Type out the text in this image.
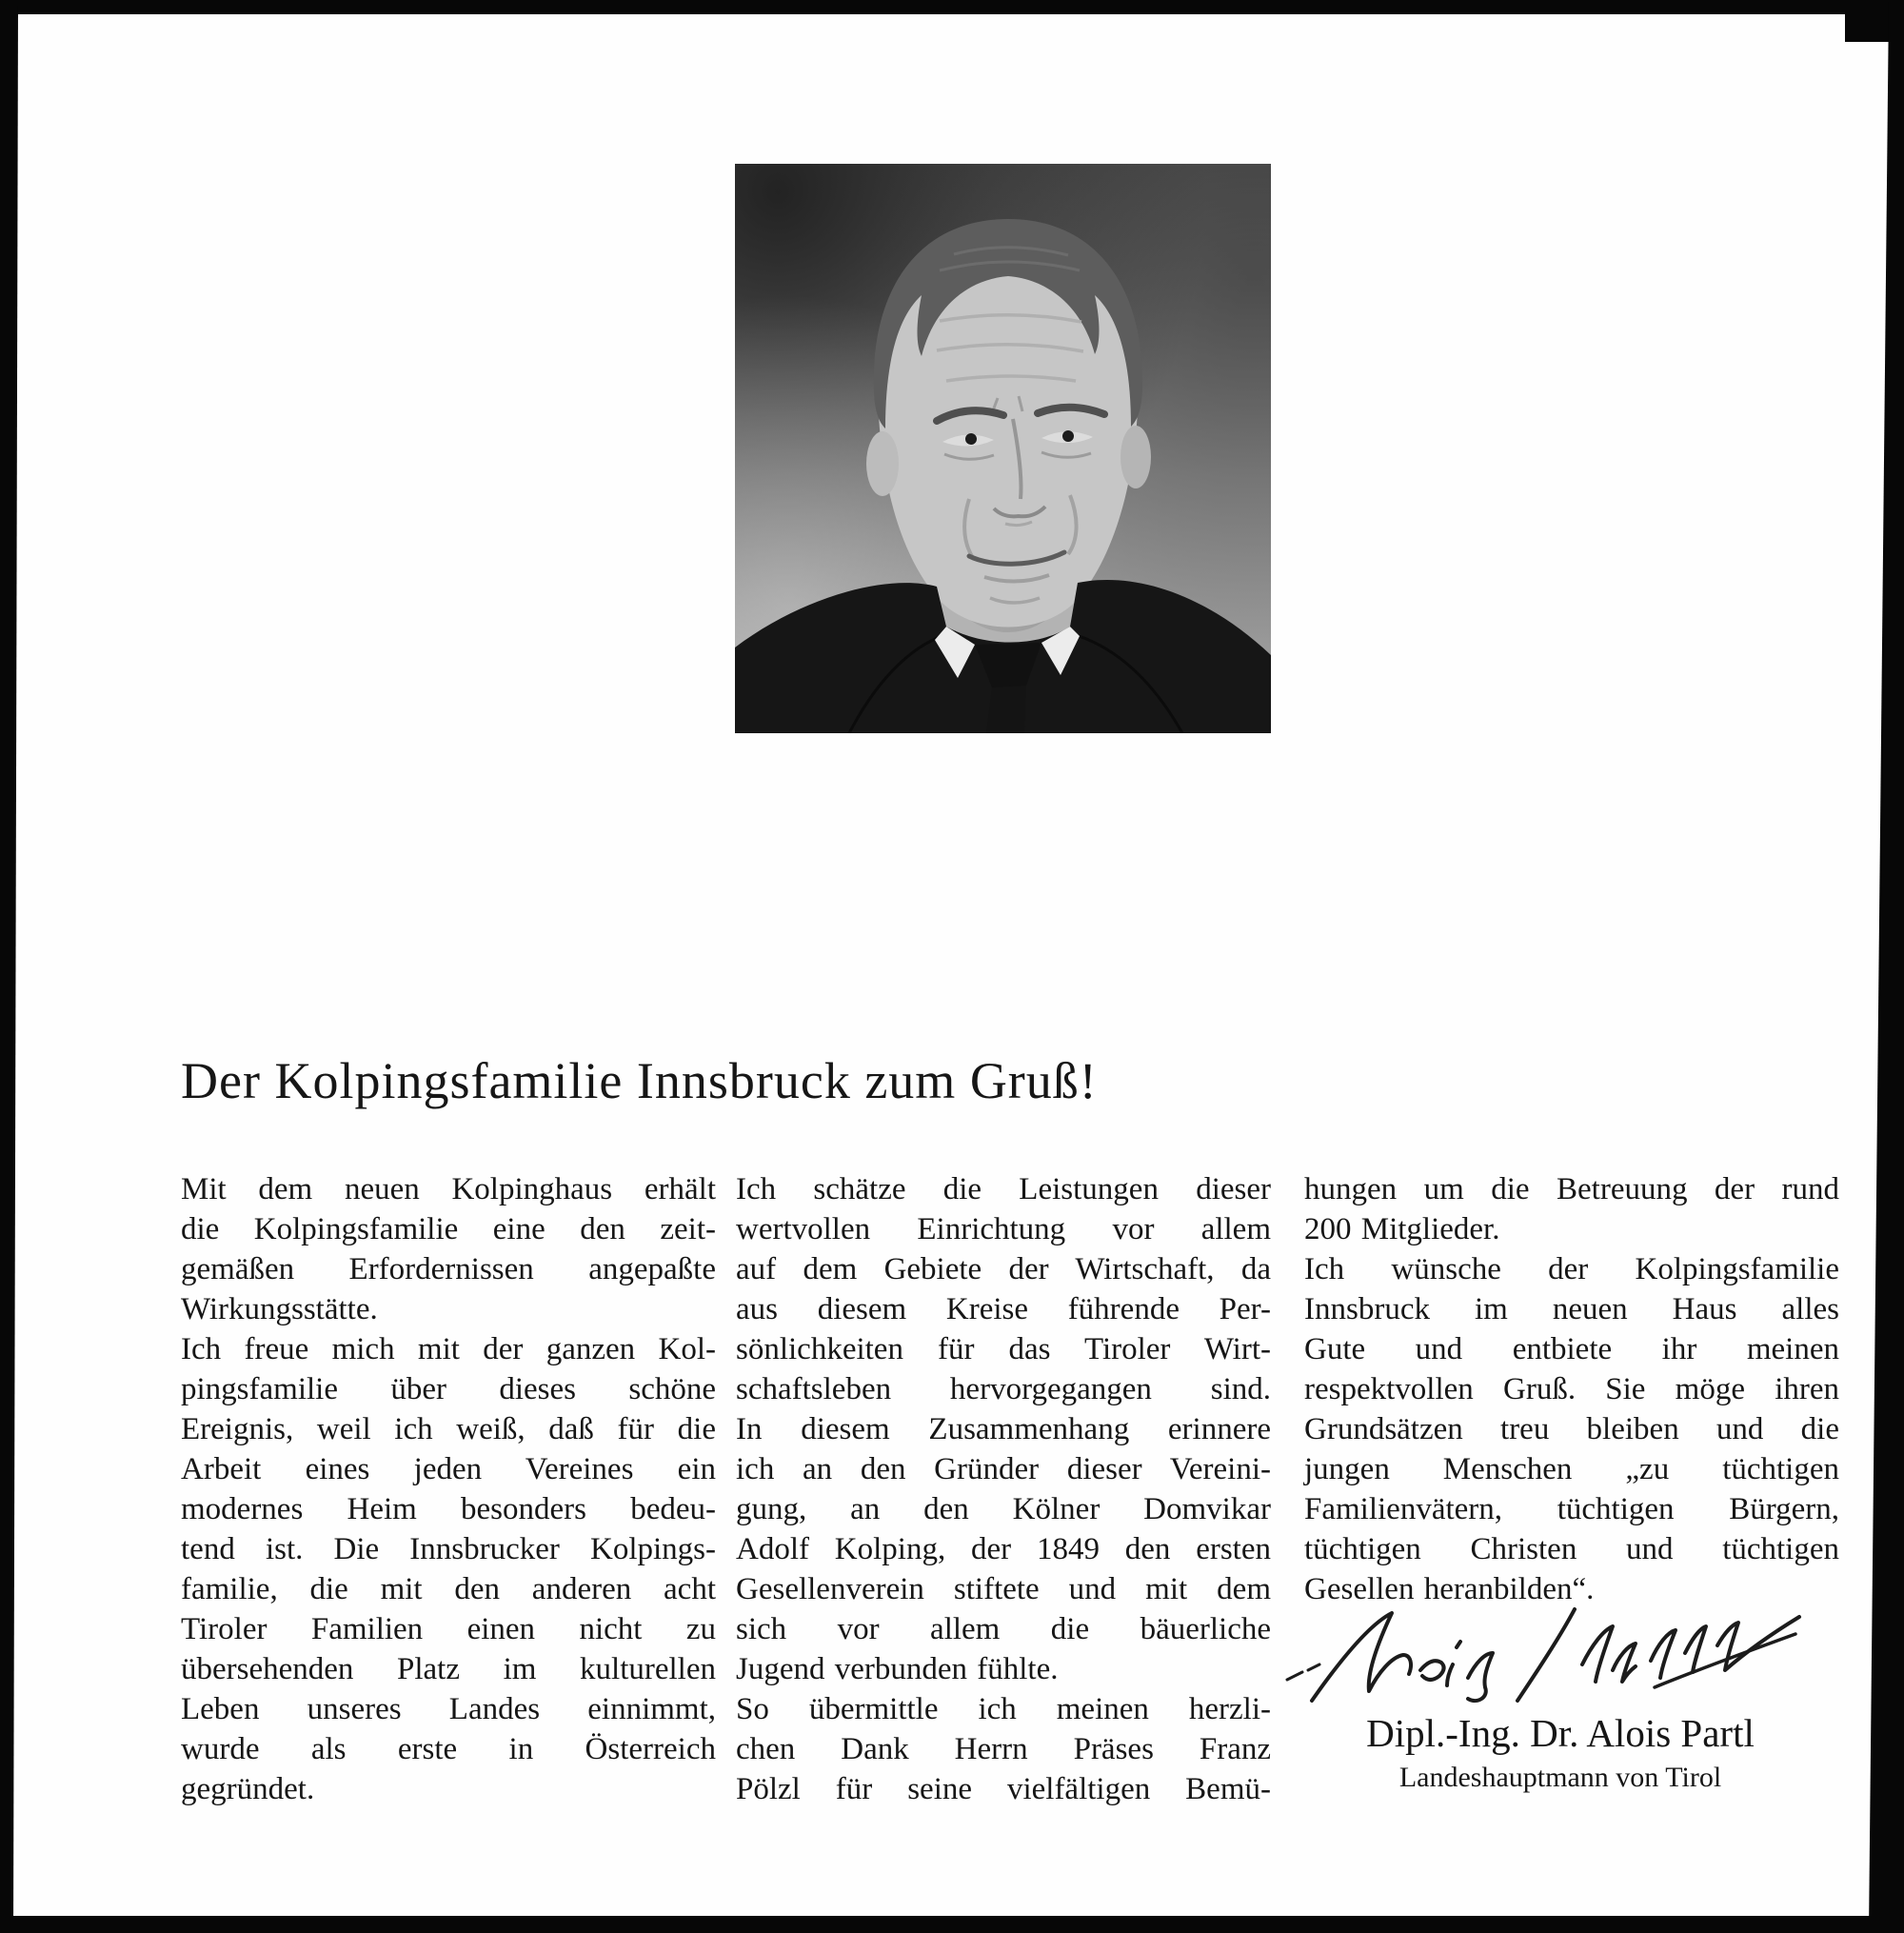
Der Kolpingsfamilie Innsbruck zum Gruß!
Mit dem neuen Kolpinghaus erhält
die Kolpingsfamilie eine den zeit-
gemäßen Erfordernissen angepaßte
Wirkungsstätte.
Ich freue mich mit der ganzen Kol-
pingsfamilie über dieses schöne
Ereignis, weil ich weiß, daß für die
Arbeit eines jeden Vereines ein
modernes Heim besonders bedeu-
tend ist. Die Innsbrucker Kolpings-
familie, die mit den anderen acht
Tiroler Familien einen nicht zu
übersehenden Platz im kulturellen
Leben unseres Landes einnimmt,
wurde als erste in Österreich
gegründet.
Ich schätze die Leistungen dieser
wertvollen Einrichtung vor allem
auf dem Gebiete der Wirtschaft, da
aus diesem Kreise führende Per-
sönlichkeiten für das Tiroler Wirt-
schaftsleben hervorgegangen sind.
In diesem Zusammenhang erinnere
ich an den Gründer dieser Vereini-
gung, an den Kölner Domvikar
Adolf Kolping, der 1849 den ersten
Gesellenverein stiftete und mit dem
sich vor allem die bäuerliche
Jugend verbunden fühlte.
So übermittle ich meinen herzli-
chen Dank Herrn Präses Franz
Pölzl für seine vielfältigen Bemü-
hungen um die Betreuung der rund
200 Mitglieder.
Ich wünsche der Kolpingsfamilie
Innsbruck im neuen Haus alles
Gute und entbiete ihr meinen
respektvollen Gruß. Sie möge ihren
Grundsätzen treu bleiben und die
jungen Menschen „zu tüchtigen
Familienvätern, tüchtigen Bürgern,
tüchtigen Christen und tüchtigen
Gesellen heranbilden“.
Dipl.-Ing. Dr. Alois Partl
Landeshauptmann von Tirol
